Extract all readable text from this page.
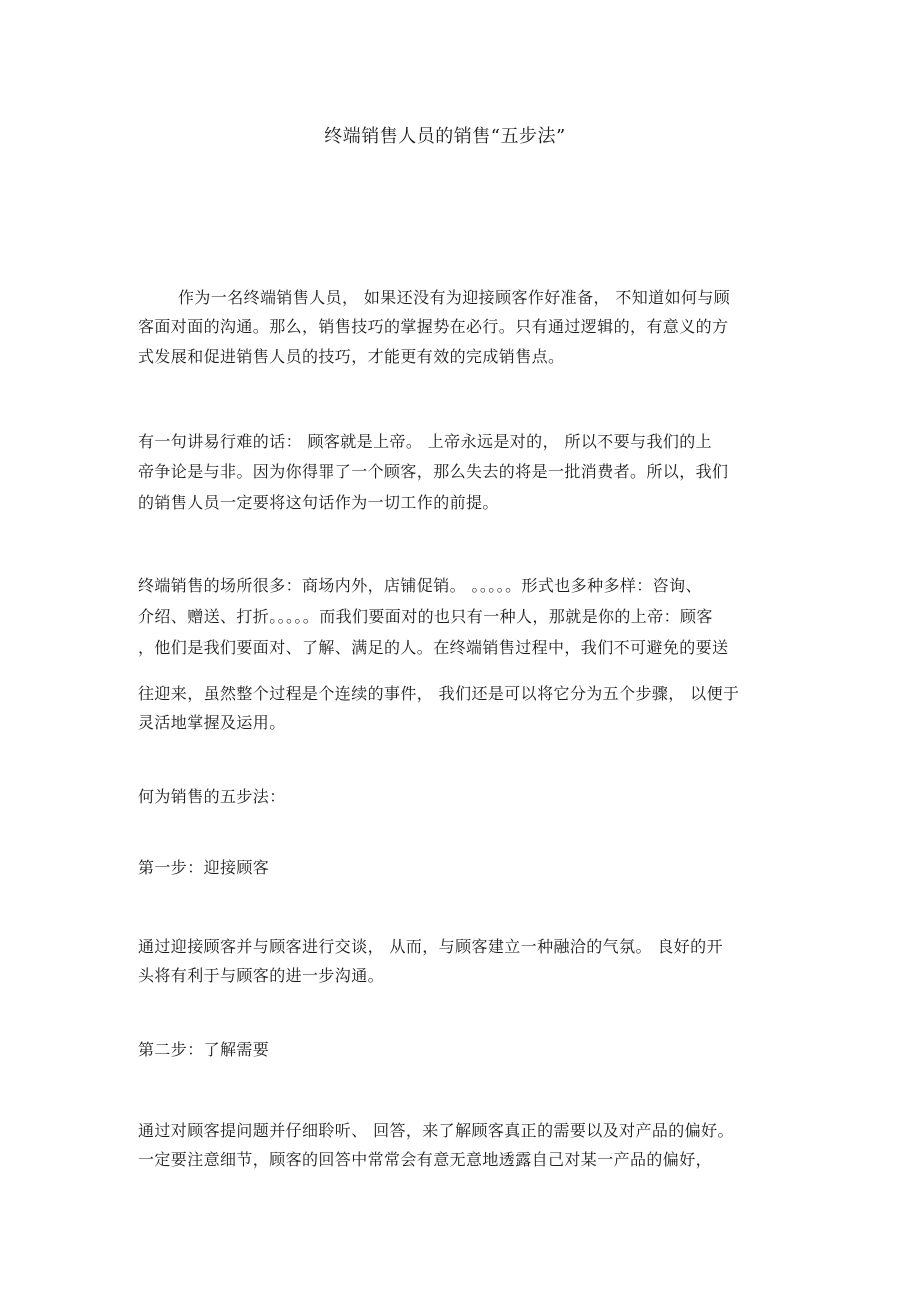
终端销售人员的销售“五步法”
作为一名终端销售人员， 如果还没有为迎接顾客作好准备， 不知道如何与顾
客面对面的沟通。那么，销售技巧的掌握势在必行。只有通过逻辑的，有意义的方
式发展和促进销售人员的技巧，才能更有效的完成销售点。
有一句讲易行难的话： 顾客就是上帝。 上帝永远是对的， 所以不要与我们的上
帝争论是与非。因为你得罪了一个顾客，那么失去的将是一批消费者。所以，我们
的销售人员一定要将这句话作为一切工作的前提。
终端销售的场所很多：商场内外，店铺促销。 。。。。。形式也多种多样：咨询、
介绍、赠送、打折。。。。。而我们要面对的也只有一种人，那就是你的上帝：顾客
，他们是我们要面对、了解、满足的人。在终端销售过程中，我们不可避免的要送
往迎来，虽然整个过程是个连续的事件， 我们还是可以将它分为五个步骤， 以便于
灵活地掌握及运用。
何为销售的五步法：
第一步：迎接顾客
通过迎接顾客并与顾客进行交谈， 从而，与顾客建立一种融洽的气氛。 良好的开
头将有利于与顾客的进一步沟通。
第二步：了解需要
通过对顾客提问题并仔细聆听、 回答，来了解顾客真正的需要以及对产品的偏好。
一定要注意细节，顾客的回答中常常会有意无意地透露自己对某一产品的偏好，
